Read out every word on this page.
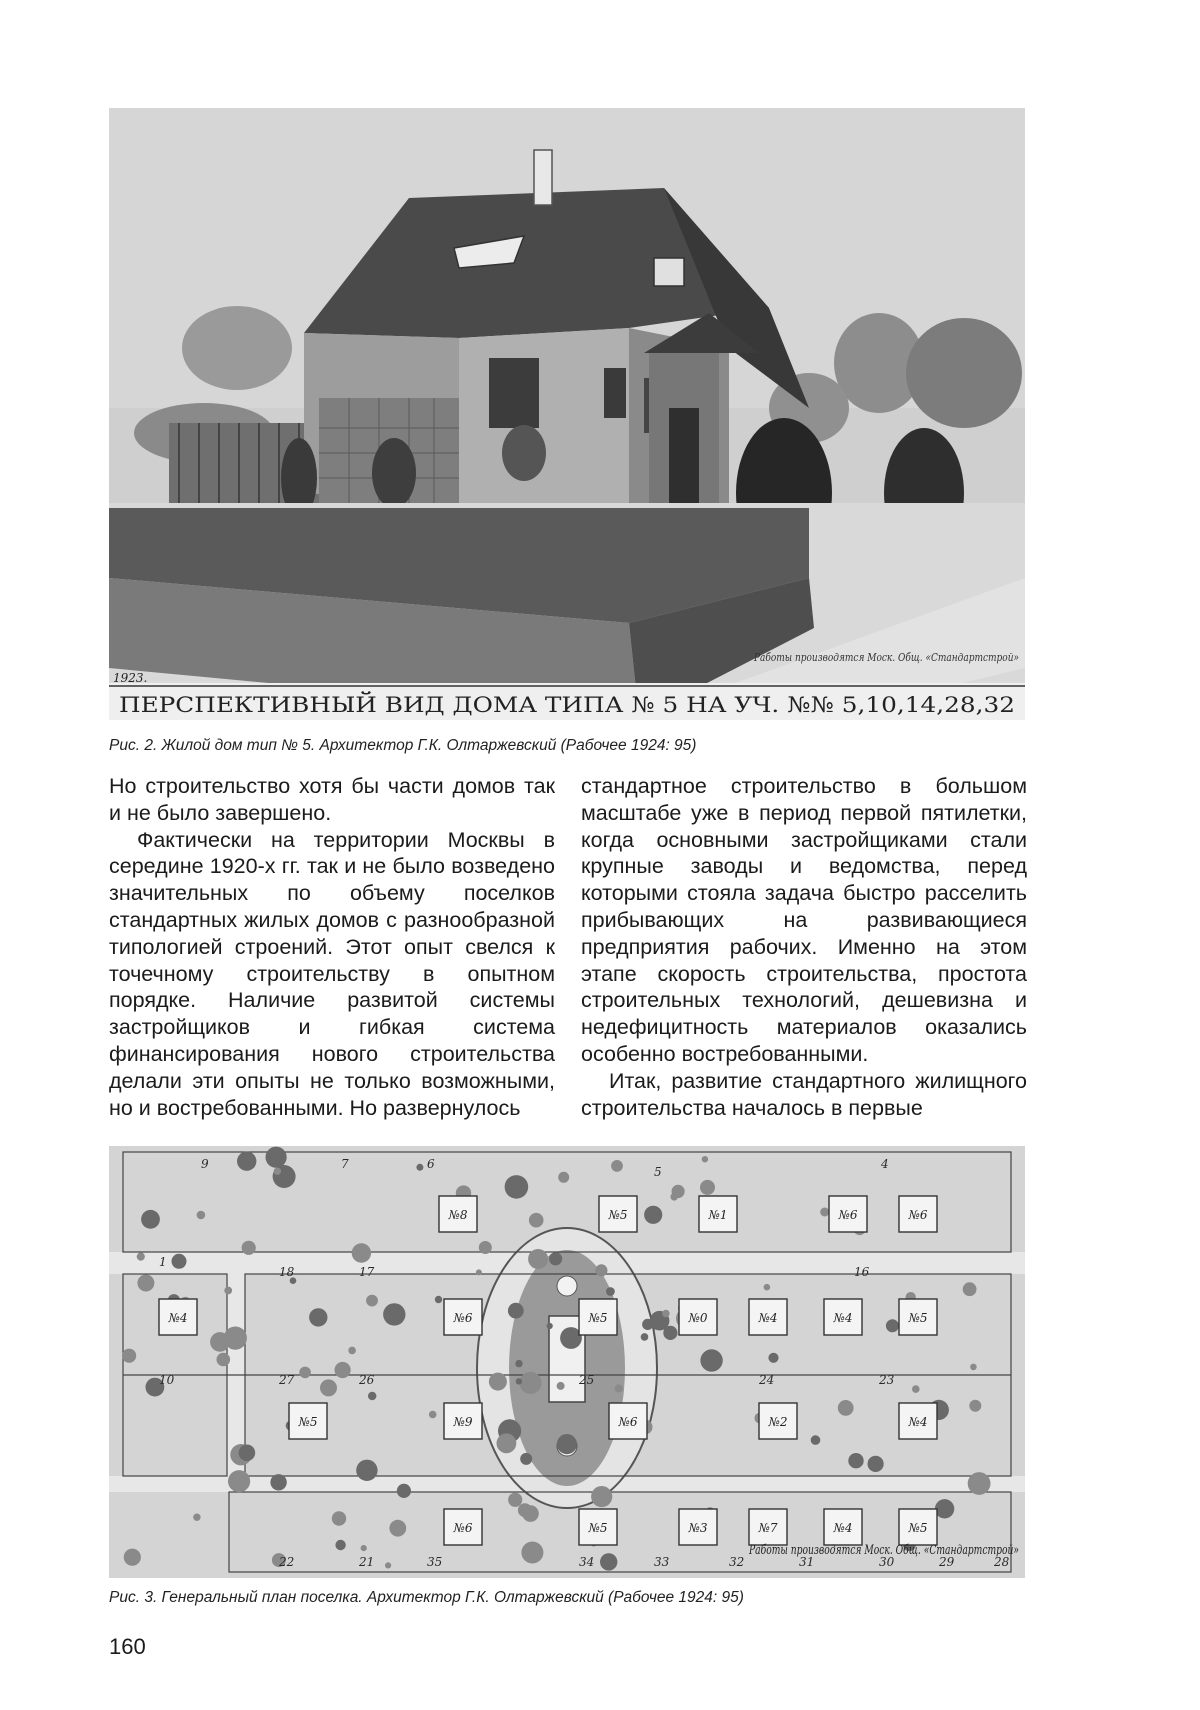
1923.
ПЕРСПЕКТИВНЫЙ ВИД ДОМА ТИПА № 5 НА УЧ. №№ 5,10,14,28,32
Работы производятся Моск. Общ. «Стандартстрой»
Рис. 2. Жилой дом тип № 5. Архитектор Г.К. Олтаржевский (Рабочее 1924: 95)

Но строительство хотя бы части домов так и не было завершено.

Фактически на территории Москвы в середине 1920-х гг. так и не было возведено значительных по объему поселков стандартных жилых домов с разнообразной типологией строений. Этот опыт свелся к точечному строительству в опытном порядке. Наличие развитой системы застройщиков и гибкая система финансирования нового строительства делали эти опыты не только возможными, но и востребованными. Но развернулось

стандартное строительство в большом масштабе уже в период первой пятилетки, когда основными застройщиками стали крупные заводы и ведомства, перед которыми стояла задача быстро расселить прибывающих на развивающиеся предприятия рабочих. Именно на этом этапе скорость строительства, простота строительных технологий, дешевизна и недефицитность материалов оказались особенно востребованными.

Итак, развитие стандартного жилищного строительства началось в первые

№8	№5	№1	№6	№6
№4	№6	№5	№0	№4	№4	№5
№5	№9	№6	№2	№4
№6	№5	№3	№7	№4	№5
9	7	6
5
4
1
18	17	16
10	27	26	25	24	23
22	21	35	34	33	32	31	30	29	28
Работы производятся Моск. Общ. «Стандартстрой»
Рис. 3. Генеральный план поселка. Архитектор Г.К. Олтаржевский (Рабочее 1924: 95)
160
